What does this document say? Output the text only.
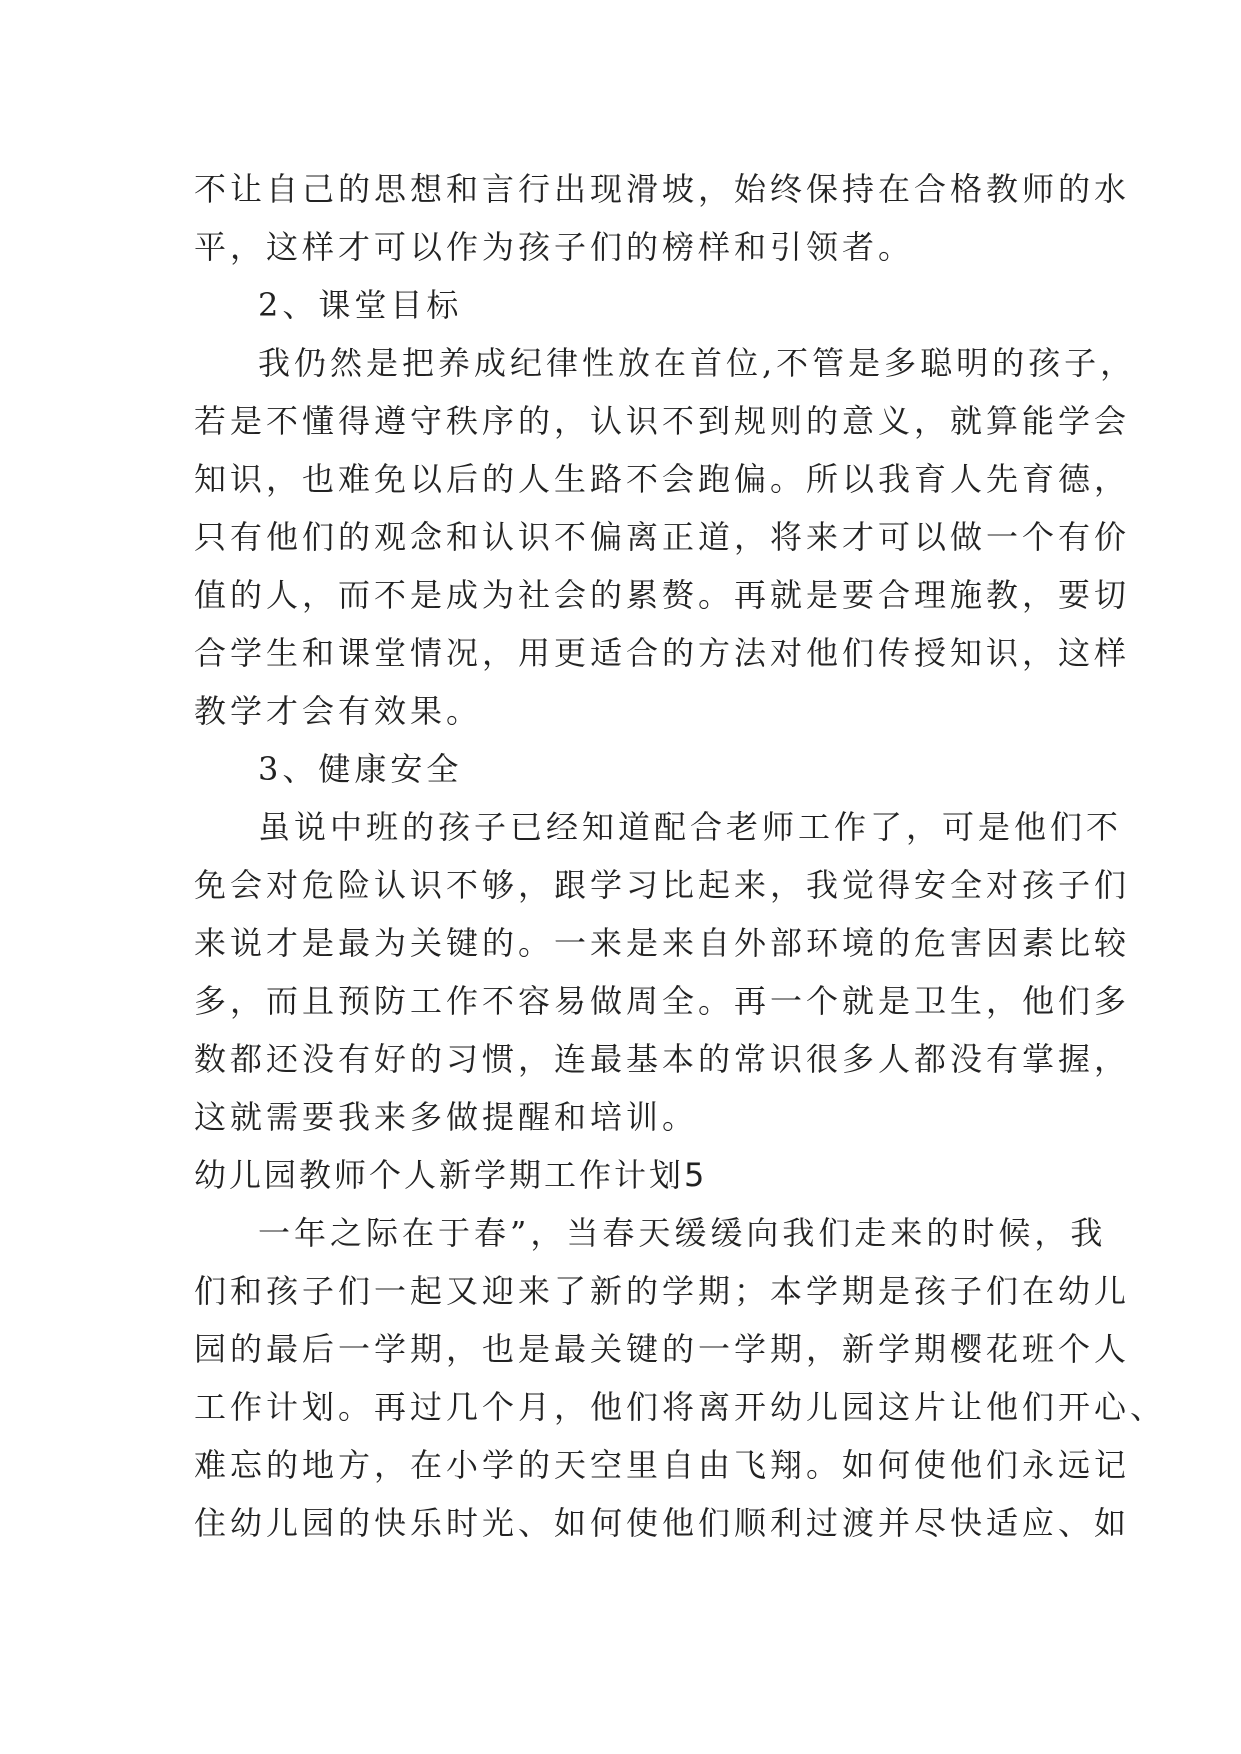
不让自己的思想和言行出现滑坡，始终保持在合格教师的水
平，这样才可以作为孩子们的榜样和引领者。
2、课堂目标
我仍然是把养成纪律性放在首位,不管是多聪明的孩子，
若是不懂得遵守秩序的，认识不到规则的意义，就算能学会
知识，也难免以后的人生路不会跑偏。所以我育人先育德，
只有他们的观念和认识不偏离正道，将来才可以做一个有价
值的人，而不是成为社会的累赘。再就是要合理施教，要切
合学生和课堂情况，用更适合的方法对他们传授知识，这样
教学才会有效果。
3、健康安全
虽说中班的孩子已经知道配合老师工作了，可是他们不
免会对危险认识不够，跟学习比起来，我觉得安全对孩子们
来说才是最为关键的。一来是来自外部环境的危害因素比较
多，而且预防工作不容易做周全。再一个就是卫生，他们多
数都还没有好的习惯，连最基本的常识很多人都没有掌握，
这就需要我来多做提醒和培训。
幼儿园教师个人新学期工作计划5
一年之际在于春”，当春天缓缓向我们走来的时候，我
们和孩子们一起又迎来了新的学期；本学期是孩子们在幼儿
园的最后一学期，也是最关键的一学期，新学期樱花班个人
工作计划。再过几个月，他们将离开幼儿园这片让他们开心、
难忘的地方，在小学的天空里自由飞翔。如何使他们永远记
住幼儿园的快乐时光、如何使他们顺利过渡并尽快适应、如
